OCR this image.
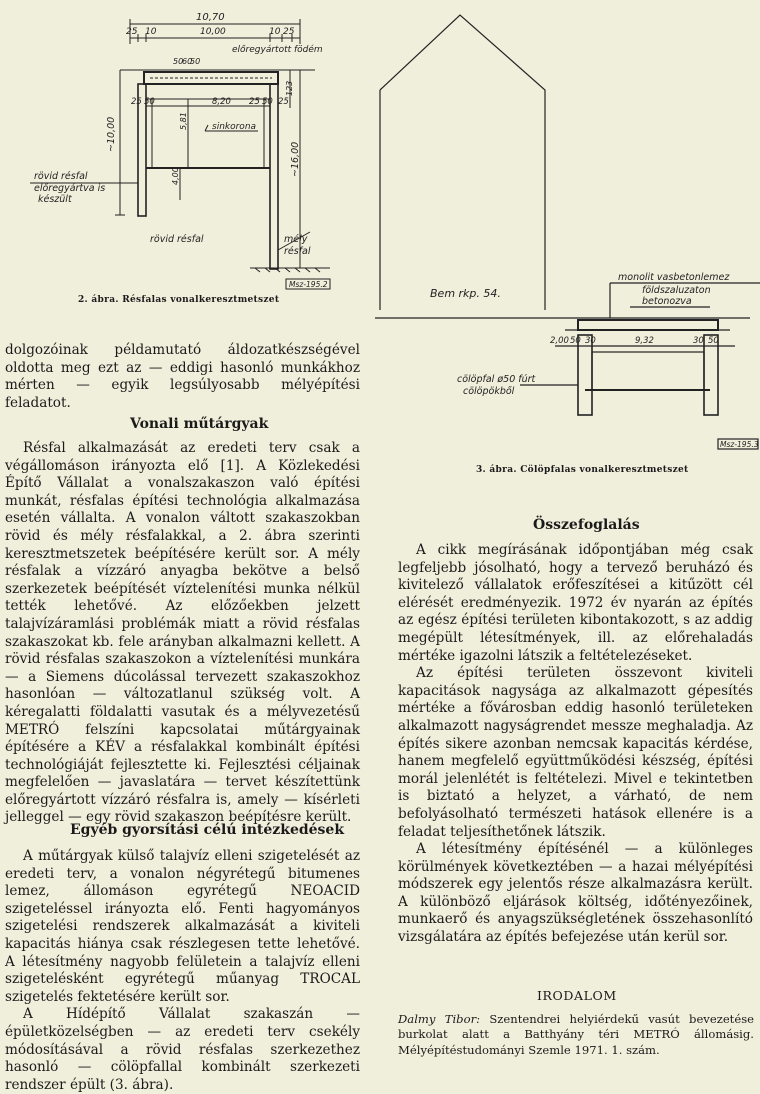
10,70
25 10	10,00	10 25
előregyártott födém
50
60
50
123
25 50	8,20 25 50 25
5,81	sinkorona
4,00
~10,00
~16,00
rövid résfal
előregyártva is
készült
rövid résfal	mély
résfal
Msz-195.2
2. ábra. Résfalas vonalkeresztmetszet	Bem rkp. 54.
monolit vasbetonlemez
földszaluzaton
betonozva
2,00 50 30	9,32	30 50
cölöpfal ø50 fúrt
cölöpökből
Msz-195.3
3. ábra. Cölöpfalas vonalkeresztmetszet

dolgozóinak példamutató áldozatkészségével oldotta meg ezt az — eddigi hasonló munkákhoz mérten — egyik legsúlyosabb mélyépítési feladatot.

Vonali műtárgyak

Résfal alkalmazását az eredeti terv csak a végállomáson irányozta elő [1]. A Közlekedési Építő Vállalat a vonalszakaszon való építési munkát, résfalas építési technológia alkalmazása esetén vállalta. A vonalon váltott szakaszokban rövid és mély résfalakkal, a 2. ábra szerinti keresztmetszetek beépítésére került sor. A mély résfalak a vízzáró anyagba bekötve a belső szerkezetek beépítését víztelenítési munka nélkül tették lehetővé. Az előzőekben jelzett talajvízáramlási problémák miatt a rövid résfalas szakaszokat kb. fele arányban alkalmazni kellett. A rövid résfalas szakaszokon a víztelenítési munkára — a Siemens dúcolással tervezett szakaszokhoz hasonlóan — változatlanul szükség volt. A kéregalatti földalatti vasutak és a mélyvezetésű METRÓ felszíni kapcsolatai műtárgyainak építésére a KÉV a résfalakkal kombinált építési technológiáját fejlesztette ki. Fejlesztési céljainak megfelelően — javaslatára — tervet készítettünk előregyártott vízzáró résfalra is, amely — kísérleti jelleggel — egy rövid szakaszon beépítésre került.

Egyéb gyorsítási célú intézkedések

A műtárgyak külső talajvíz elleni szigetelését az eredeti terv, a vonalon négyrétegű bitumenes lemez, állomáson egyrétegű NEOACID szigeteléssel irányozta elő. Fenti hagyományos szigetelési rendszerek alkalmazását a kiviteli kapacitás hiánya csak részlegesen tette lehetővé. A létesítmény nagyobb felületein a talajvíz elleni szigetelésként egyrétegű műanyag TROCAL szigetelés fektetésére került sor.

A Hídépítő Vállalat szakaszán — épületközelségben — az eredeti terv csekély módosításával a rövid résfalas szerkezethez hasonló — cölöpfallal kombinált szerkezeti rendszer épült (3. ábra).

Összefoglalás

A cikk megírásának időpontjában még csak legfeljebb jósolható, hogy a tervező beruházó és kivitelező vállalatok erőfeszítései a kitűzött cél elérését eredményezik. 1972 év nyarán az építés az egész építési területen kibontakozott, s az addig megépült létesítmények, ill. az előrehaladás mértéke igazolni látszik a feltételezéseket.

Az építési területen összevont kiviteli kapacitások nagysága az alkalmazott gépesítés mértéke a fővárosban eddig hasonló területeken alkalmazott nagyságrendet messze meghaladja. Az építés sikere azonban nemcsak kapacitás kérdése, hanem megfelelő együttműködési készség, építési morál jelenlétét is feltételezi. Mivel e tekintetben is biztató a helyzet, a várható, de nem befolyásolható természeti hatások ellenére is a feladat teljesíthetőnek látszik.

A létesítmény építésénél — a különleges körülmények következtében — a hazai mélyépítési módszerek egy jelentős része alkalmazásra került. A különböző eljárások költség, időtényezőinek, munkaerő és anyagszükségletének összehasonlító vizsgálatára az építés befejezése után kerül sor.

IRODALOM
Dalmy Tibor: Szentendrei helyiérdekű vasút bevezetése burkolat alatt a Batthyány téri METRÓ állomásig. Mélyépítéstudományi Szemle 1971. 1. szám.
